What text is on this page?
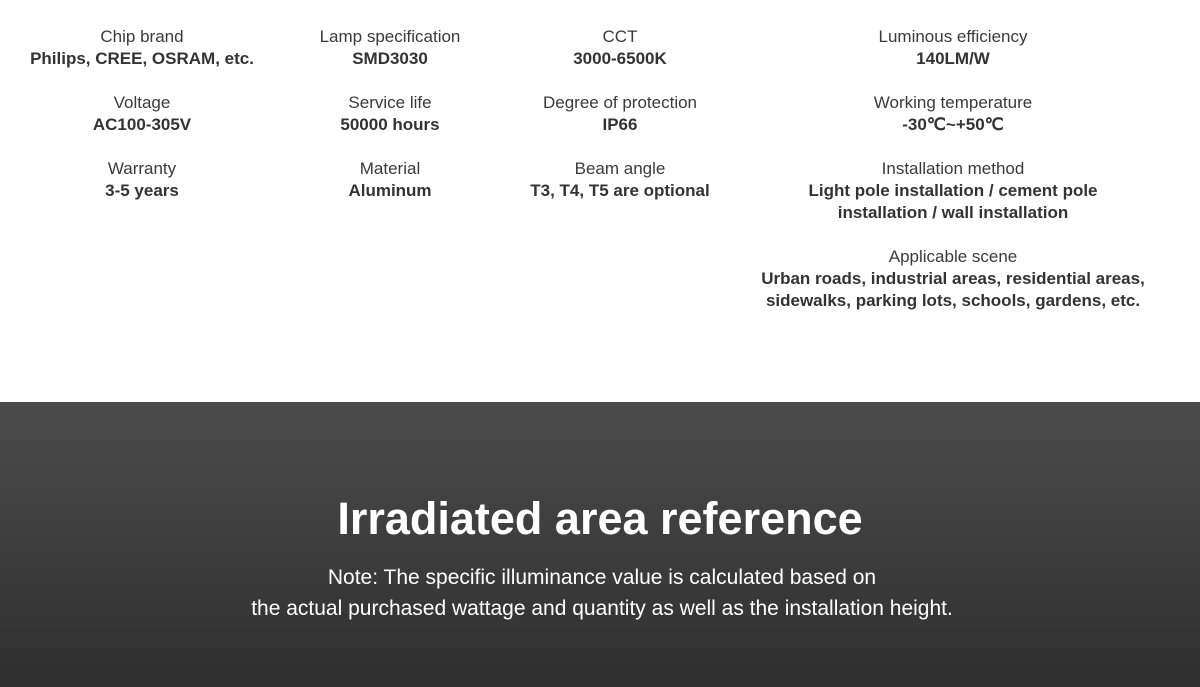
Chip brand
Philips, CREE, OSRAM, etc.
Voltage
AC100-305V
Warranty
3-5 years
Lamp specification
SMD3030
Service life
50000 hours
Material
Aluminum
CCT
3000-6500K
Degree of protection
IP66
Beam angle
T3, T4, T5 are optional
Luminous efficiency
140LM/W
Working temperature
-30℃~+50℃
Installation method
Light pole installation / cement pole
installation / wall installation
Applicable scene
Urban roads, industrial areas, residential areas,
sidewalks, parking lots, schools, gardens, etc.
Irradiated area reference
Note: The specific illuminance value is calculated based on
the actual purchased wattage and quantity as well as the installation height.
